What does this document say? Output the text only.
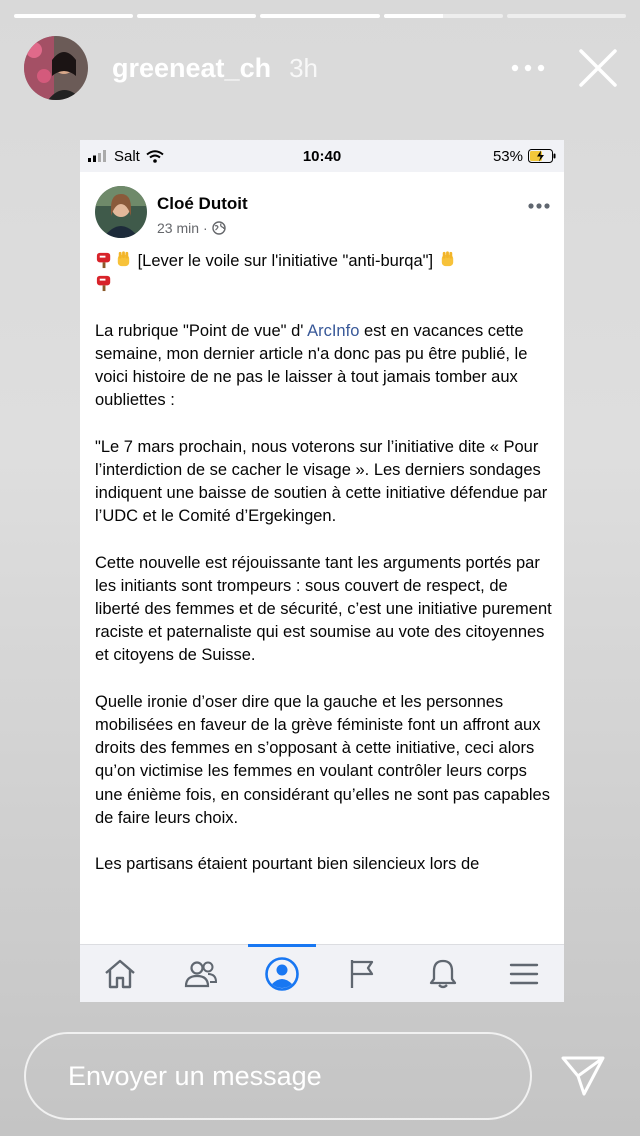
greeneat_ch 3h
Salt	10:40	53%
Cloé Dutoit
23 min ·

[Lever le voile sur l'initiative "anti-burqa"]

La rubrique "Point de vue" d' ArcInfo est en vacances cette semaine, mon dernier article n'a donc pas pu être publié, le voici histoire de ne pas le laisser à tout jamais tomber aux oubliettes :

"Le 7 mars prochain, nous voterons sur l’initiative dite « Pour l’interdiction de se cacher le visage ». Les derniers sondages indiquent une baisse de soutien à cette initiative défendue par l’UDC et le Comité d’Ergekingen.

Cette nouvelle est réjouissante tant les arguments portés par les initiants sont trompeurs : sous couvert de respect, de liberté des femmes et de sécurité, c’est une initiative purement raciste et paternaliste qui est soumise au vote des citoyennes et citoyens de Suisse.

Quelle ironie d’oser dire que la gauche et les personnes mobilisées en faveur de la grève féministe font un affront aux droits des femmes en s’opposant à cette initiative, ceci alors qu’on victimise les femmes en voulant contrôler leurs corps une énième fois, en considérant qu’elles ne sont pas capables de faire leurs choix.

Les partisans étaient pourtant bien silencieux lors de

Envoyer un message
